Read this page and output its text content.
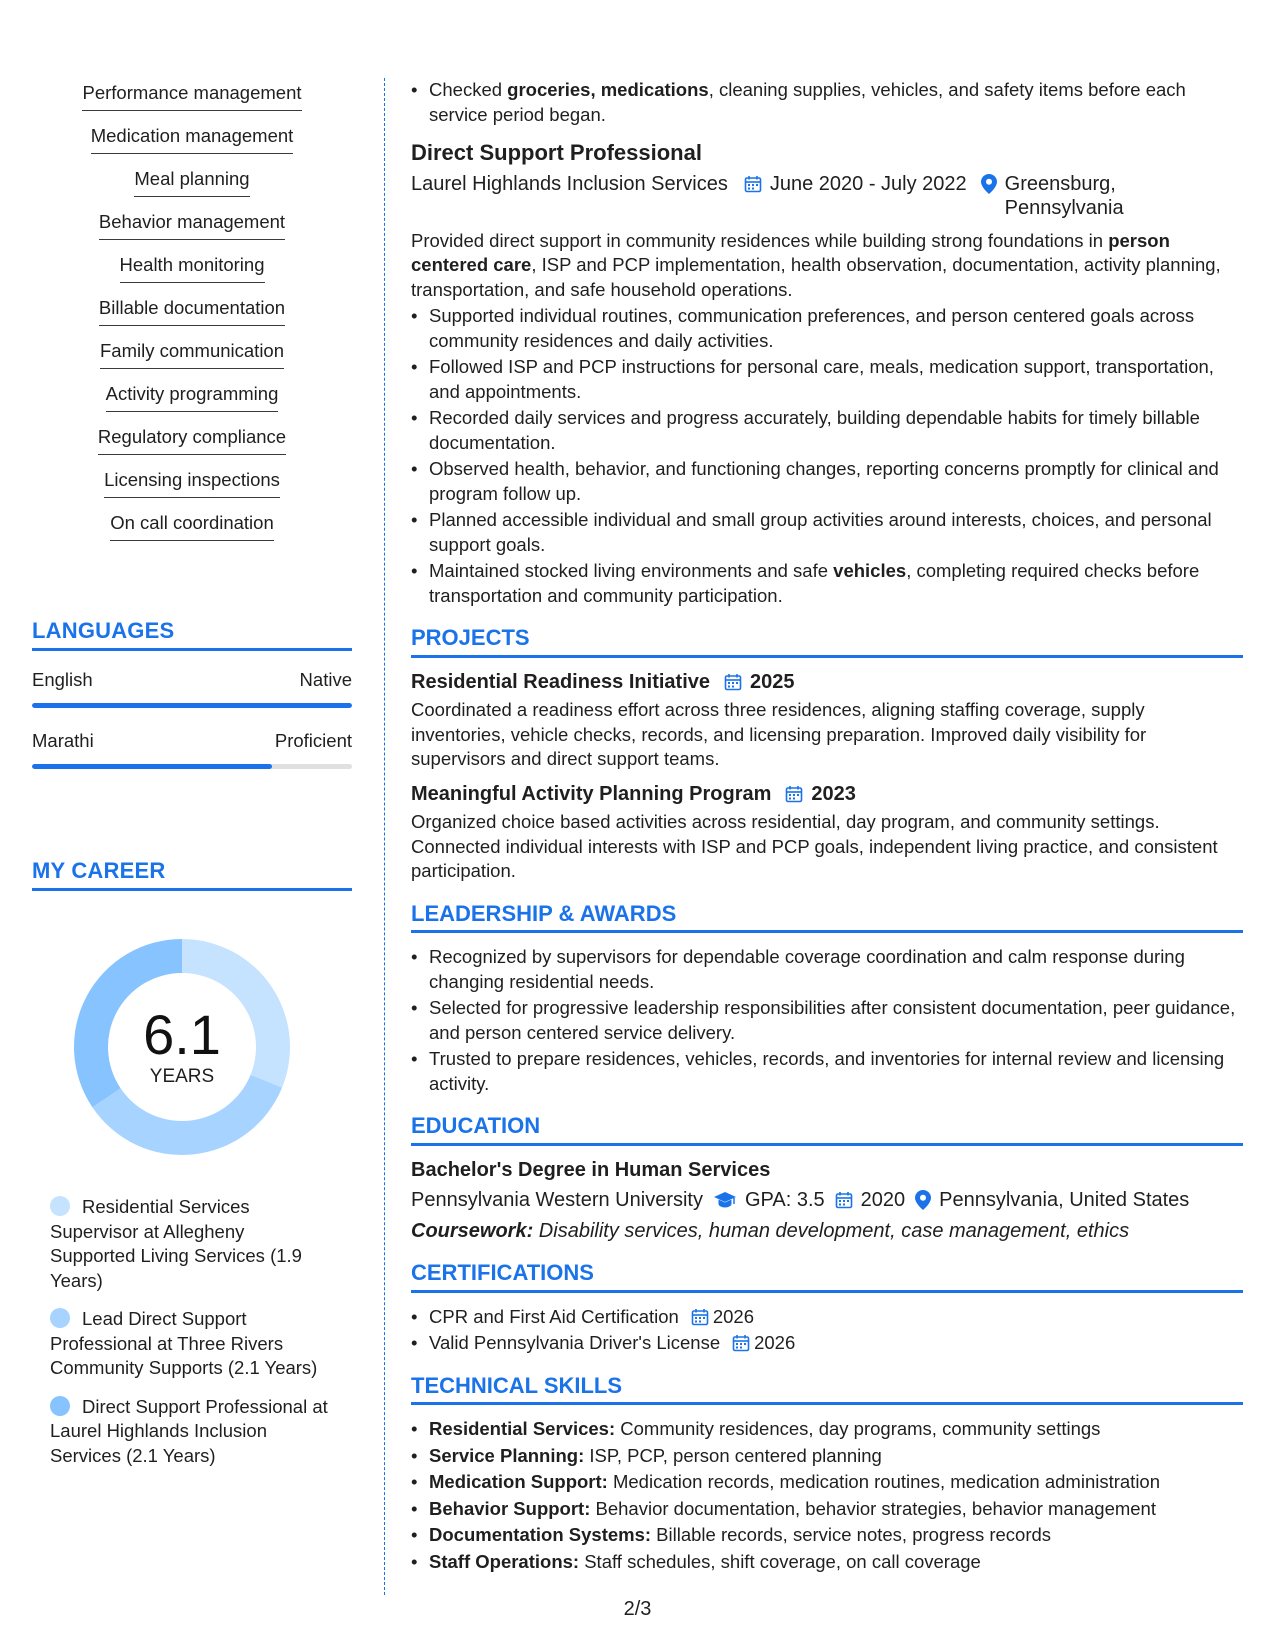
Performance management
Medication management
Meal planning
Behavior management
Health monitoring
Billable documentation
Family communication
Activity programming
Regulatory compliance
Licensing inspections
On call coordination
LANGUAGES
English	Native
Marathi	Proficient
MY CAREER
6.1
YEARS
Residential Services Supervisor at Allegheny Supported Living Services (1.9 Years)
Lead Direct Support Professional at Three Rivers Community Supports (2.1 Years)
Direct Support Professional at Laurel Highlands Inclusion Services (2.1 Years)
• Checked groceries, medications, cleaning supplies, vehicles, and safety items before each service period began.
Direct Support Professional
Laurel Highlands Inclusion Services	June 2020 - July 2022 Greensburg,
Pennsylvania
Provided direct support in community residences while building strong foundations in person centered care, ISP and PCP implementation, health observation, documentation, activity planning, transportation, and safe household operations.
• Supported individual routines, communication preferences, and person centered goals across community residences and daily activities.
• Followed ISP and PCP instructions for personal care, meals, medication support, transportation, and appointments.
• Recorded daily services and progress accurately, building dependable habits for timely billable documentation.
• Observed health, behavior, and functioning changes, reporting concerns promptly for clinical and program follow up.
• Planned accessible individual and small group activities around interests, choices, and personal support goals.
• Maintained stocked living environments and safe vehicles, completing required checks before transportation and community participation.
PROJECTS
Residential Readiness Initiative 2025
Coordinated a readiness effort across three residences, aligning staffing coverage, supply inventories, vehicle checks, records, and licensing preparation. Improved daily visibility for supervisors and direct support teams.
Meaningful Activity Planning Program 2023
Organized choice based activities across residential, day program, and community settings. Connected individual interests with ISP and PCP goals, independent living practice, and consistent participation.
LEADERSHIP & AWARDS
• Recognized by supervisors for dependable coverage coordination and calm response during changing residential needs.
• Selected for progressive leadership responsibilities after consistent documentation, peer guidance, and person centered service delivery.
• Trusted to prepare residences, vehicles, records, and inventories for internal review and licensing activity.
EDUCATION
Bachelor's Degree in Human Services
Pennsylvania Western University GPA: 3.5 2020 Pennsylvania, United States
Coursework: Disability services, human development, case management, ethics
CERTIFICATIONS
• CPR and First Aid Certification 2026
• Valid Pennsylvania Driver's License 2026
TECHNICAL SKILLS
• Residential Services: Community residences, day programs, community settings
• Service Planning: ISP, PCP, person centered planning
• Medication Support: Medication records, medication routines, medication administration
• Behavior Support: Behavior documentation, behavior strategies, behavior management
• Documentation Systems: Billable records, service notes, progress records
• Staff Operations: Staff schedules, shift coverage, on call coverage
2/3
